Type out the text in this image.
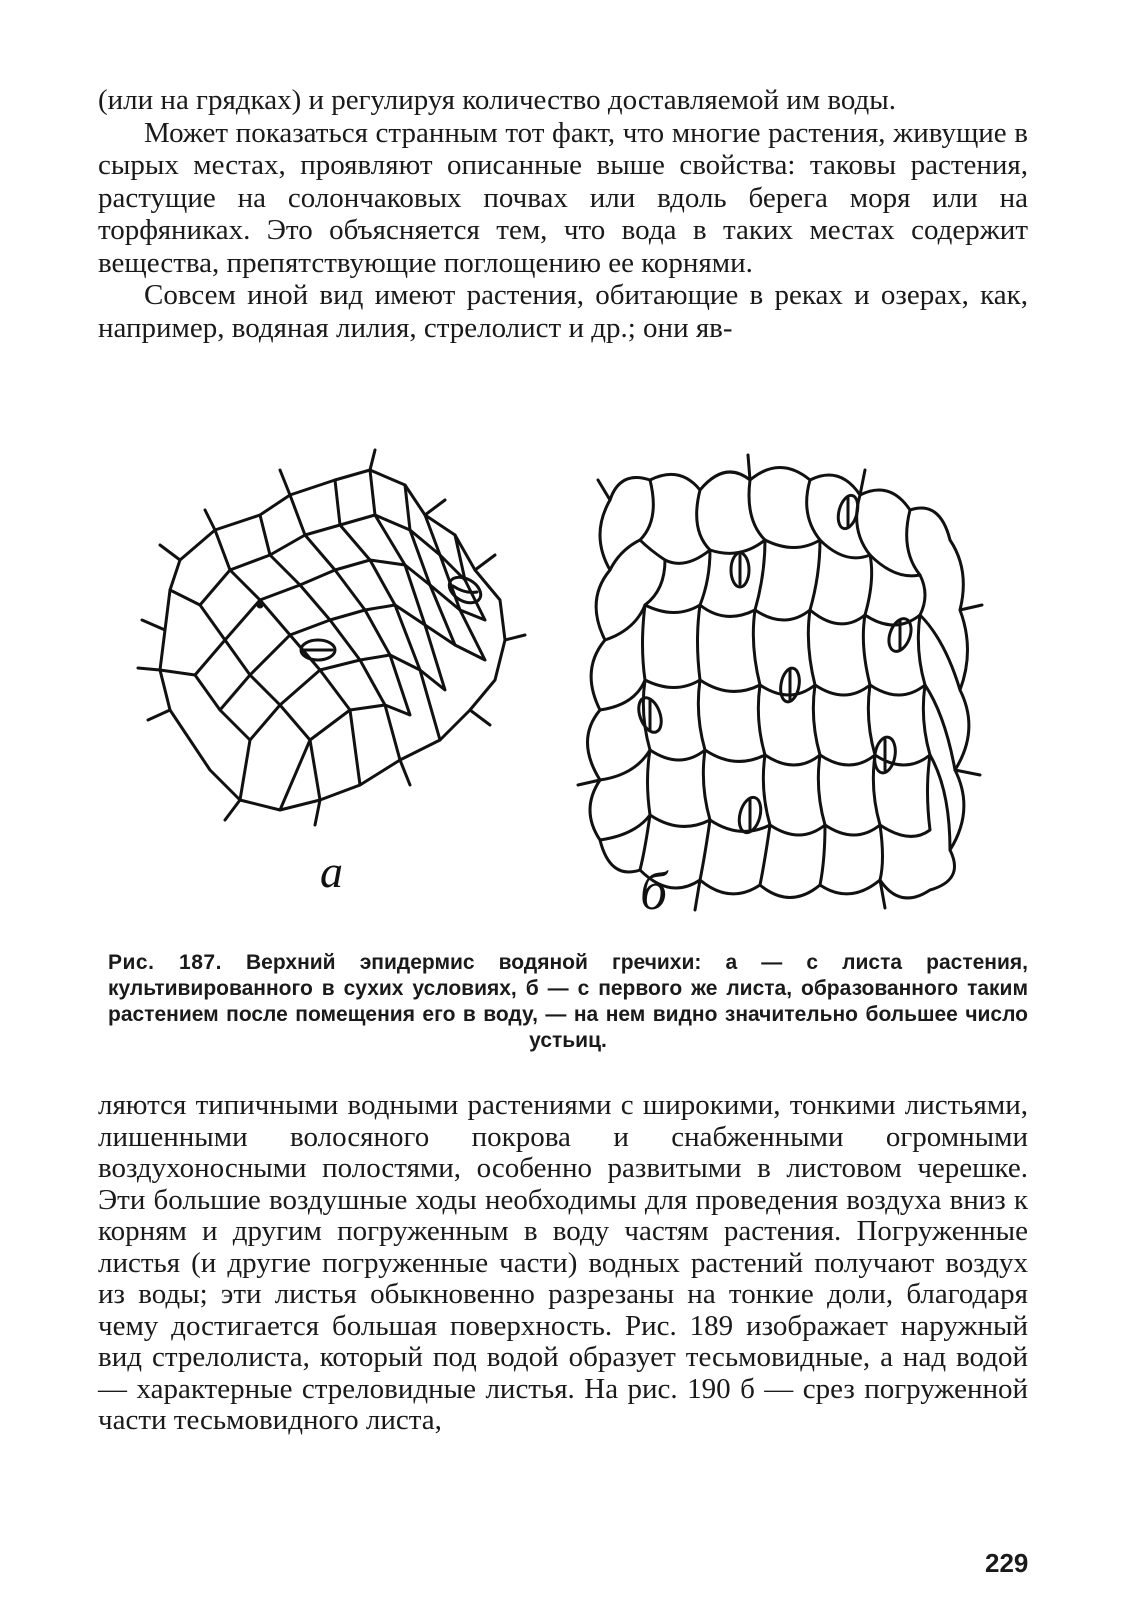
(или на грядках) и регулируя количество доставляемой им воды.

Может показаться странным тот факт, что многие растения, живущие в сырых местах, проявляют описанные выше свойства: таковы растения, растущие на солончаковых почвах или вдоль берега моря или на торфяниках. Это объясняется тем, что вода в таких местах содержит вещества, препятствующие поглощению ее корнями.

Совсем иной вид имеют растения, обитающие в реках и озерах, как, например, водяная лилия, стрелолист и др.; они яв-

а	б
Рис. 187. Верхний эпидермис водяной гречихи: а — с листа растения, культивированного в сухих условиях, б — с первого же листа, образованного таким растением после помещения его в воду, — на нем видно значительно большее число устьиц.

ляются типичными водными растениями с широкими, тонкими листьями, лишенными волосяного покрова и снабженными огромными воздухоносными полостями, особенно развитыми в листовом черешке. Эти большие воздушные ходы необходимы для проведения воздуха вниз к корням и другим погруженным в воду частям растения. Погруженные листья (и другие погруженные части) водных растений получают воздух из воды; эти листья обыкновенно разрезаны на тонкие доли, благодаря чему достигается большая поверхность. Рис. 189 изображает наружный вид стрелолиста, который под водой образует тесьмовидные, а над водой — характерные стреловидные листья. На рис. 190 б — срез погруженной части тесьмовидного листа,

229
